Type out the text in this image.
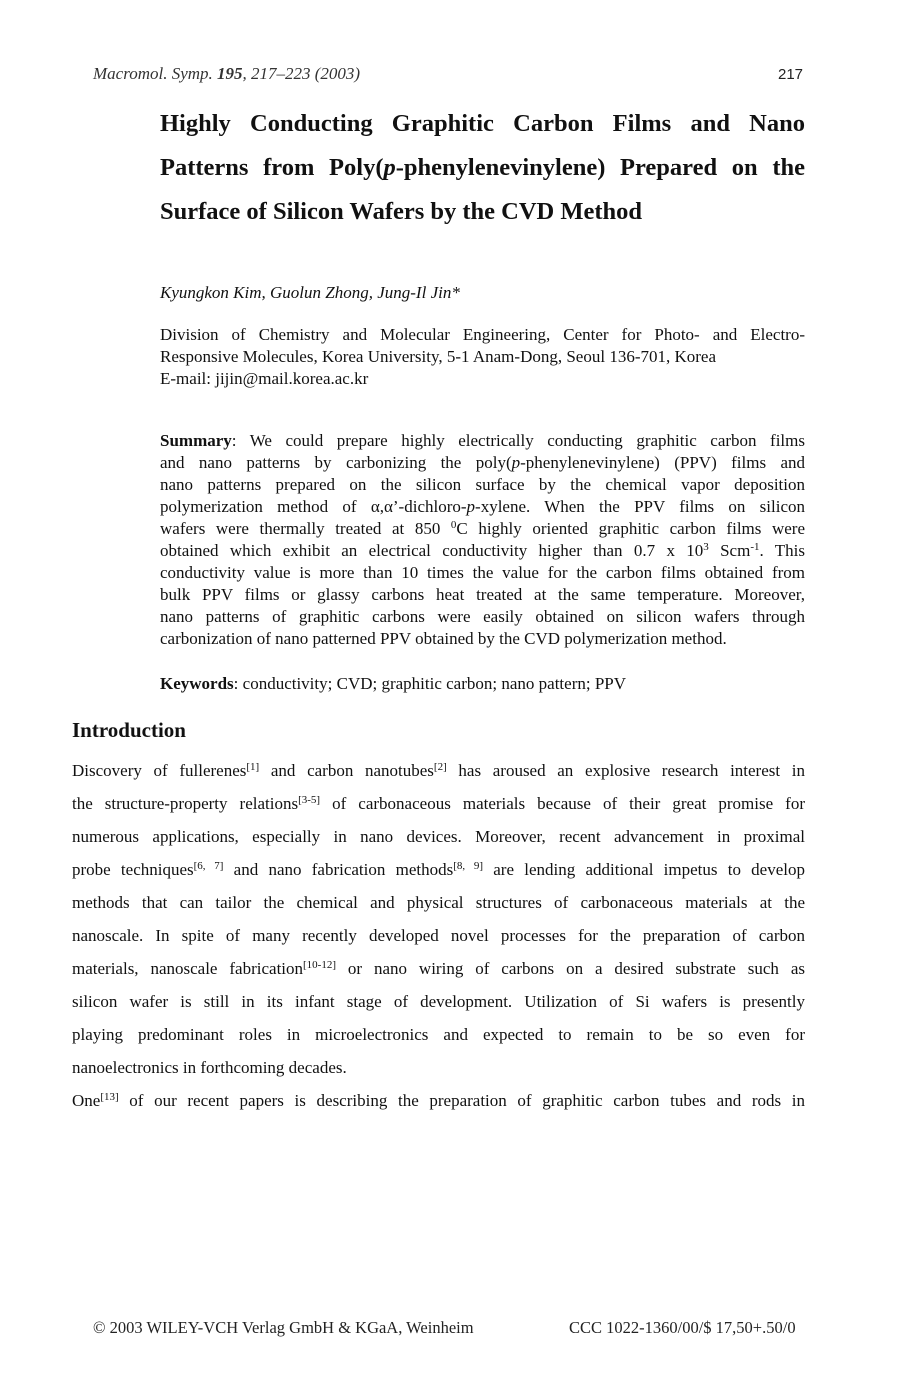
Macromol. Symp. 195, 217–223 (2003)	217
Highly Conducting Graphitic Carbon Films and Nano
Patterns from Poly(p-phenylenevinylene) Prepared on the
Surface of Silicon Wafers by the CVD Method
Kyungkon Kim, Guolun Zhong, Jung-Il Jin*
Division of Chemistry and Molecular Engineering, Center for Photo- and Electro-
Responsive Molecules, Korea University, 5-1 Anam-Dong, Seoul 136-701, Korea
E-mail: jijin@mail.korea.ac.kr
Summary: We could prepare highly electrically conducting graphitic carbon films
and nano patterns by carbonizing the poly(p-phenylenevinylene) (PPV) films and
nano patterns prepared on the silicon surface by the chemical vapor deposition
polymerization method of α,α’-dichloro-p-xylene. When the PPV films on silicon
wafers were thermally treated at 850 $^0$C highly oriented graphitic carbon films were
obtained which exhibit an electrical conductivity higher than 0.7 x $10^3$ Scm$^{-1}$. This
conductivity value is more than 10 times the value for the carbon films obtained from
bulk PPV films or glassy carbons heat treated at the same temperature. Moreover,
nano patterns of graphitic carbons were easily obtained on silicon wafers through
carbonization of nano patterned PPV obtained by the CVD polymerization method.
Keywords: conductivity; CVD; graphitic carbon; nano pattern; PPV
Introduction
Discovery of fullerenes[1] and carbon nanotubes[2] has aroused an explosive research interest in
the structure-property relations[3-5] of carbonaceous materials because of their great promise for
numerous applications, especially in nano devices. Moreover, recent advancement in proximal
probe techniques[6, 7] and nano fabrication methods[8, 9] are lending additional impetus to develop
methods that can tailor the chemical and physical structures of carbonaceous materials at the
nanoscale. In spite of many recently developed novel processes for the preparation of carbon
materials, nanoscale fabrication[10-12] or nano wiring of carbons on a desired substrate such as
silicon wafer is still in its infant stage of development. Utilization of Si wafers is presently
playing predominant roles in microelectronics and expected to remain to be so even for
nanoelectronics in forthcoming decades.
One[13] of our recent papers is describing the preparation of graphitic carbon tubes and rods in
© 2003 WILEY-VCH Verlag GmbH & KGaA, Weinheim	CCC 1022-1360/00/$ 17,50+.50/0
